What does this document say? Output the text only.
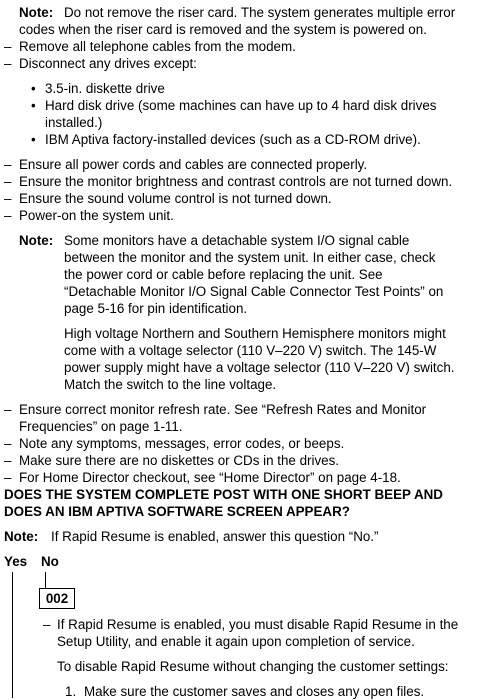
Note: Do not remove the riser card. The system generates multiple error
codes when the riser card is removed and the system is powered on.
– Remove all telephone cables from the modem.
– Disconnect any drives except:
• 3.5-in. diskette drive
• Hard disk drive (some machines can have up to 4 hard disk drives
installed.)
• IBM Aptiva factory-installed devices (such as a CD-ROM drive).
– Ensure all power cords and cables are connected properly.
– Ensure the monitor brightness and contrast controls are not turned down.
– Ensure the sound volume control is not turned down.
– Power-on the system unit.
Note: Some monitors have a detachable system I/O signal cable
between the monitor and the system unit. In either case, check
the power cord or cable before replacing the unit. See
“Detachable Monitor I/O Signal Cable Connector Test Points” on
page 5-16 for pin identification.
High voltage Northern and Southern Hemisphere monitors might
come with a voltage selector (110 V–220 V) switch. The 145-W
power supply might have a voltage selector (110 V–220 V) switch.
Match the switch to the line voltage.
– Ensure correct monitor refresh rate. See “Refresh Rates and Monitor
Frequencies” on page 1-11.
– Note any symptoms, messages, error codes, or beeps.
– Make sure there are no diskettes or CDs in the drives.
– For Home Director checkout, see “Home Director” on page 4-18.
DOES THE SYSTEM COMPLETE POST WITH ONE SHORT BEEP AND
DOES AN IBM APTIVA SOFTWARE SCREEN APPEAR?
Note: If Rapid Resume is enabled, answer this question “No.”
Yes No
002
– If Rapid Resume is enabled, you must disable Rapid Resume in the
Setup Utility, and enable it again upon completion of service.
To disable Rapid Resume without changing the customer settings:
1. Make sure the customer saves and closes any open files.
